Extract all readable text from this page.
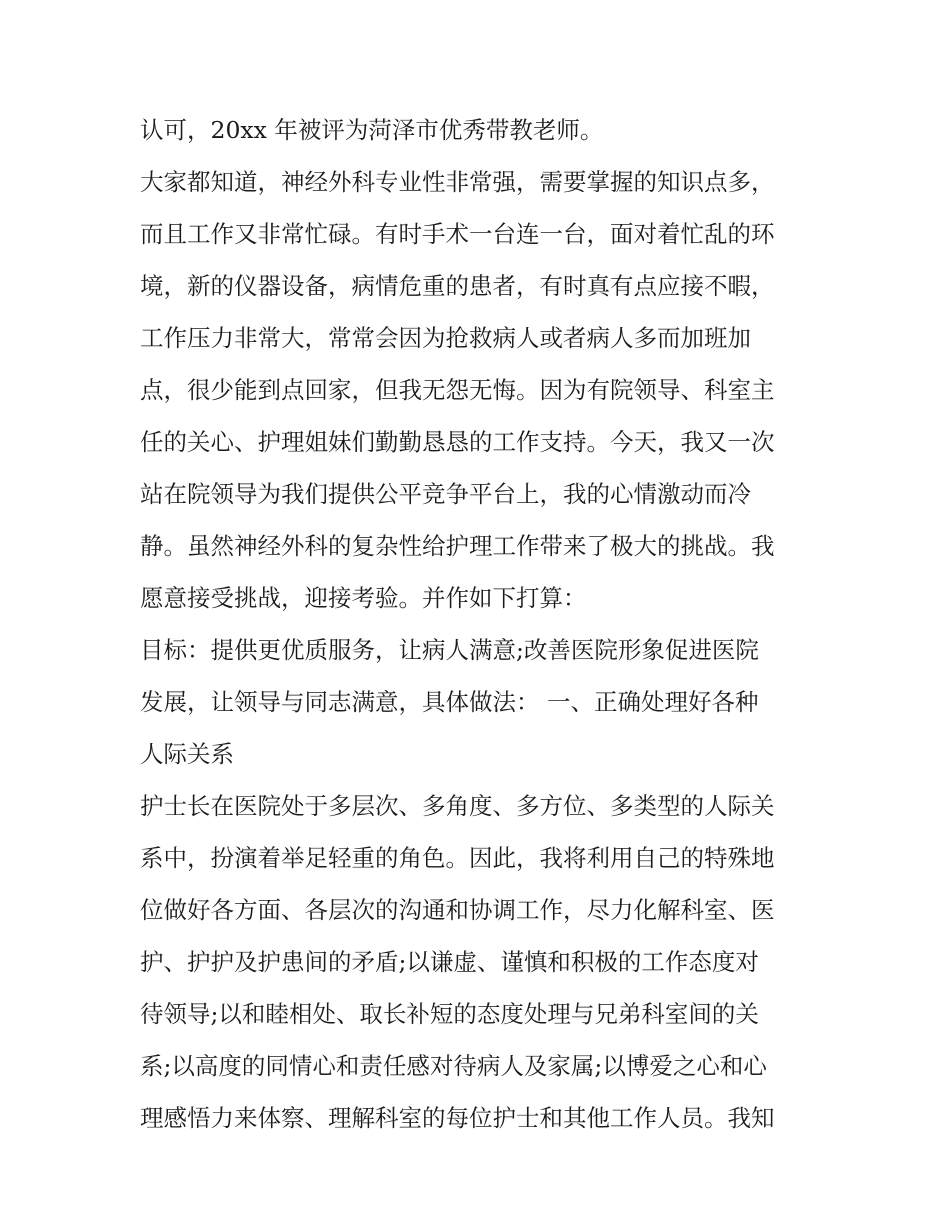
认可，20xx 年被评为菏泽市优秀带教老师。
大家都知道，神经外科专业性非常强，需要掌握的知识点多，
而且工作又非常忙碌。有时手术一台连一台，面对着忙乱的环
境，新的仪器设备，病情危重的患者，有时真有点应接不暇，
工作压力非常大，常常会因为抢救病人或者病人多而加班加
点，很少能到点回家，但我无怨无悔。因为有院领导、科室主
任的关心、护理姐妹们勤勤恳恳的工作支持。今天，我又一次
站在院领导为我们提供公平竞争平台上，我的心情激动而冷
静。虽然神经外科的复杂性给护理工作带来了极大的挑战。我
愿意接受挑战，迎接考验。并作如下打算：
目标：提供更优质服务，让病人满意;改善医院形象促进医院
发展，让领导与同志满意，具体做法： 一、正确处理好各种
人际关系
护士长在医院处于多层次、多角度、多方位、多类型的人际关
系中，扮演着举足轻重的角色。因此，我将利用自己的特殊地
位做好各方面、各层次的沟通和协调工作，尽力化解科室、医
护、护护及护患间的矛盾;以谦虚、谨慎和积极的工作态度对
待领导;以和睦相处、取长补短的态度处理与兄弟科室间的关
系;以高度的同情心和责任感对待病人及家属;以博爱之心和心
理感悟力来体察、理解科室的每位护士和其他工作人员。我知
